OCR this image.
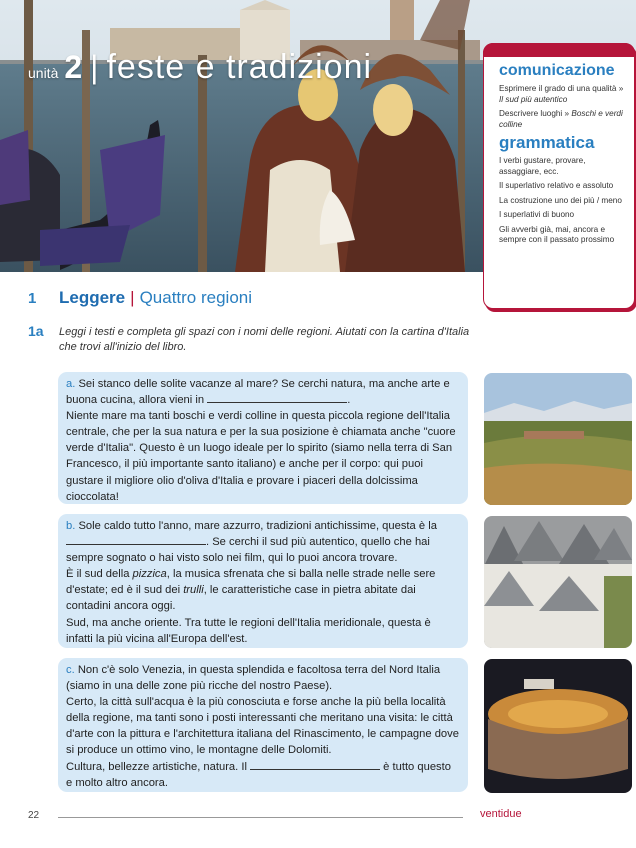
unità 2 | feste e tradizioni	comunicazione
Esprimere il grado di una qualità » Il sud più autentico
Descrivere luoghi » Boschi e verdi colline
grammatica
I verbi gustare, provare, assaggiare, ecc.
Il superlativo relativo e assoluto
La costruzione uno dei più / meno
I superlativi di buono
Gli avverbi già, mai, ancora e sempre con il passato prossimo
1 Leggere | Quattro regioni
1a Leggi i testi e completa gli spazi con i nomi delle regioni. Aiutati con la cartina d'Italia che trovi all'inizio del libro.
a. Sei stanco delle solite vacanze al mare? Se cerchi natura, ma anche arte e buona cucina, allora vieni in	.
Niente mare ma tanti boschi e verdi colline in questa piccola regione dell'Italia centrale, che per la sua natura e per la sua posizione è chiamata anche "cuore verde d'Italia". Questo è un luogo ideale per lo spirito (siamo nella terra di San Francesco, il più importante santo italiano) e anche per il corpo: qui puoi gustare il migliore olio d'oliva d'Italia e provare i piaceri della dolcissima cioccolata!
b. Sole caldo tutto l'anno, mare azzurro, tradizioni antichissime, questa è la . Se cerchi il sud più autentico, quello che hai sempre sognato o hai visto solo nei film, qui lo puoi ancora trovare.
È il sud della pizzica, la musica sfrenata che si balla nelle strade nelle sere d'estate; ed è il sud dei trulli, le caratteristiche case in pietra abitate dai contadini ancora oggi.
Sud, ma anche oriente. Tra tutte le regioni dell'Italia meridionale, questa è infatti la più vicina all'Europa dell'est.
c. Non c'è solo Venezia, in questa splendida e facoltosa terra del Nord Italia (siamo in una delle zone più ricche del nostro Paese).
Certo, la città sull'acqua è la più conosciuta e forse anche la più bella località della regione, ma tanti sono i posti interessanti che meritano una visita: le città d'arte con la pittura e l'architettura italiana del Rinascimento, le campagne dove si produce un ottimo vino, le montagne delle Dolomiti.
Cultura, bellezze artistiche, natura. Il	è tutto questo e molto altro ancora.
22	ventidue
